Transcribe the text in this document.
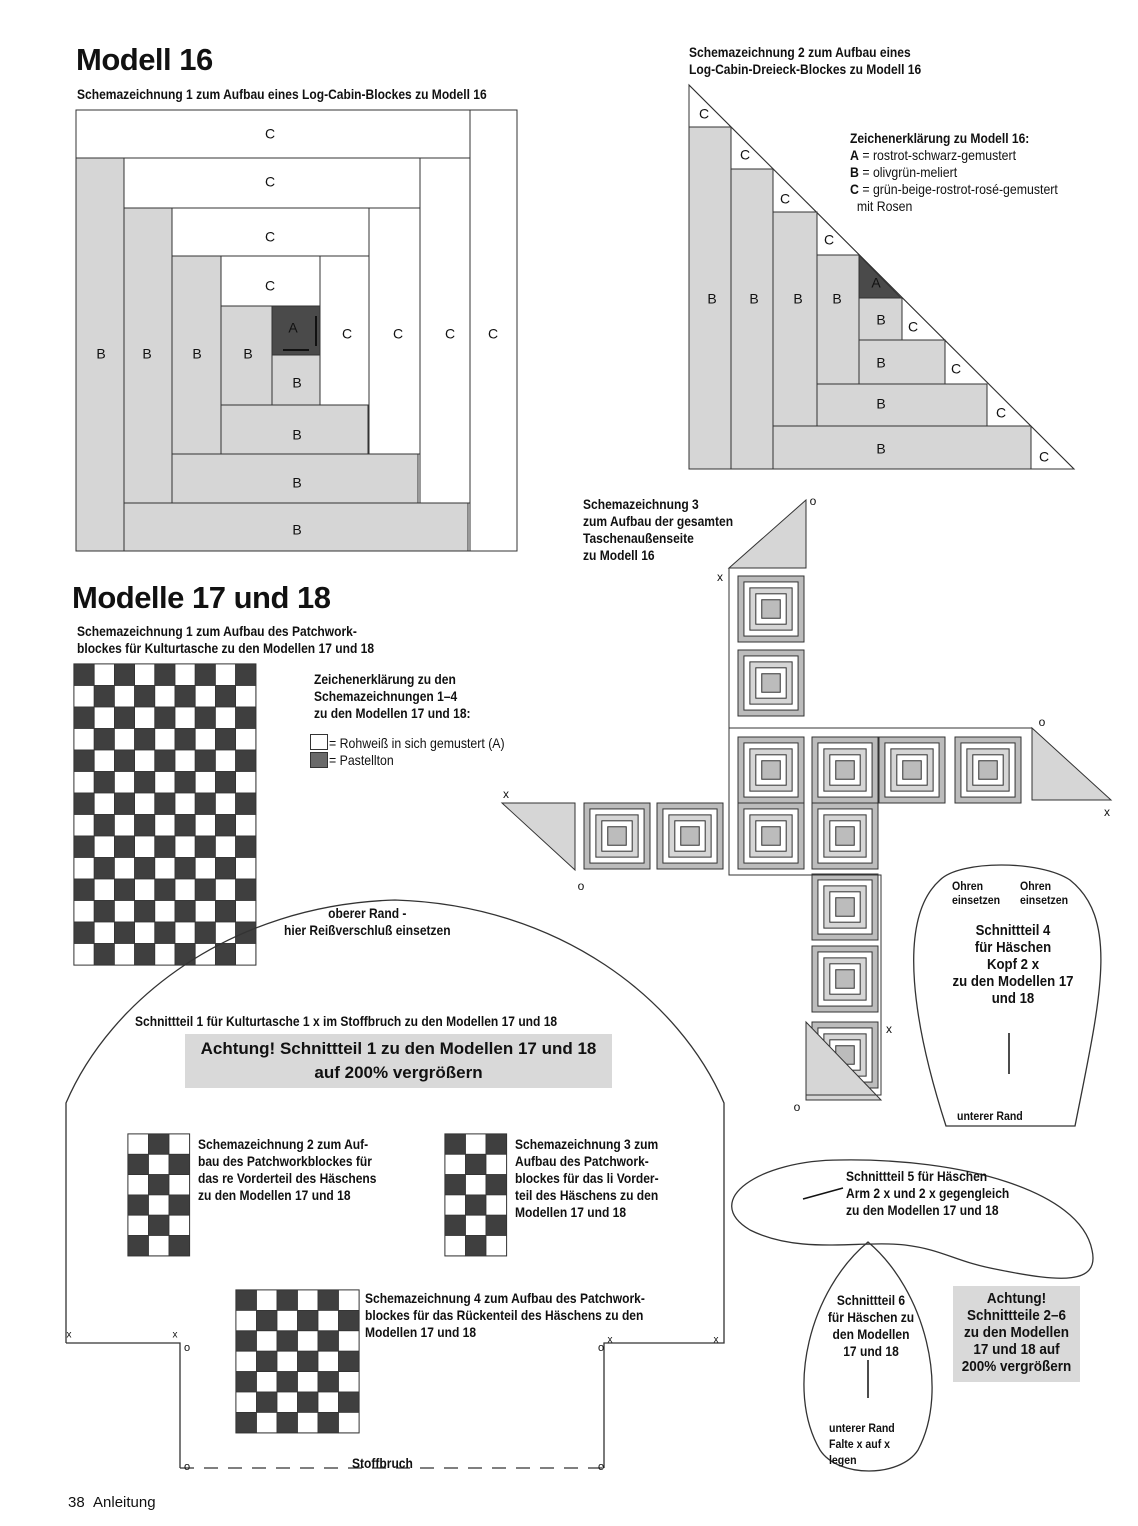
Modell 16
Schemazeichnung 1 zum Aufbau eines Log-Cabin-Blockes zu Modell 16
Schemazeichnung 2 zum Aufbau eines
Log-Cabin-Dreieck-Blockes zu Modell 16
Zeichenerklärung zu Modell 16:
A = rostrot-schwarz-gemustert
B = olivgrün-meliert
C = grün-beige-rostrot-rosé-gemustert
mit Rosen
Schemazeichnung 3
zum Aufbau der gesamten
Taschenaußenseite
zu Modell 16
Modelle 17 und 18
Schemazeichnung 1 zum Aufbau des Patchwork-
blockes für Kulturtasche zu den Modellen 17 und 18
Zeichenerklärung zu den
Schemazeichnungen 1–4
zu den Modellen 17 und 18:
= Rohweiß in sich gemustert (A)
= Pastellton
B	B	B	B
B
B
B
B
C
C
C
C
C	C	C C
A
B B B B
B
B
B
B
C
C
C
C
C
C
C
C
A
o
o
o
o
x
x
x
x
o
o
o
o
x	x	x	x
oberer Rand -
hier Reißverschluß einsetzen
Schnittteil 1 für Kulturtasche 1 x im Stoffbruch zu den Modellen 17 und 18
Achtung! Schnittteil 1 zu den Modellen 17 und 18
auf 200% vergrößern
Schemazeichnung 2 zum Auf-
bau des Patchworkblockes für
das re Vorderteil des Häschens
zu den Modellen 17 und 18
Schemazeichnung 3 zum
Aufbau des Patchwork-
blockes für das li Vorder-
teil des Häschens zu den
Modellen 17 und 18
Schemazeichnung 4 zum Aufbau des Patchwork-
blockes für das Rückenteil des Häschens zu den
Modellen 17 und 18
Stoffbruch
Ohren
einsetzen
Ohren
einsetzen
Schnittteil 4
für Häschen
Kopf 2 x
zu den Modellen 17
und 18
unterer Rand
Schnittteil 5 für Häschen
Arm 2 x und 2 x gegengleich
zu den Modellen 17 und 18
Schnittteil 6
für Häschen zu
den Modellen
17 und 18
unterer Rand
Falte x auf x
legen
Achtung!
Schnittteile 2–6
zu den Modellen
17 und 18 auf
200% vergrößern
38 Anleitung
